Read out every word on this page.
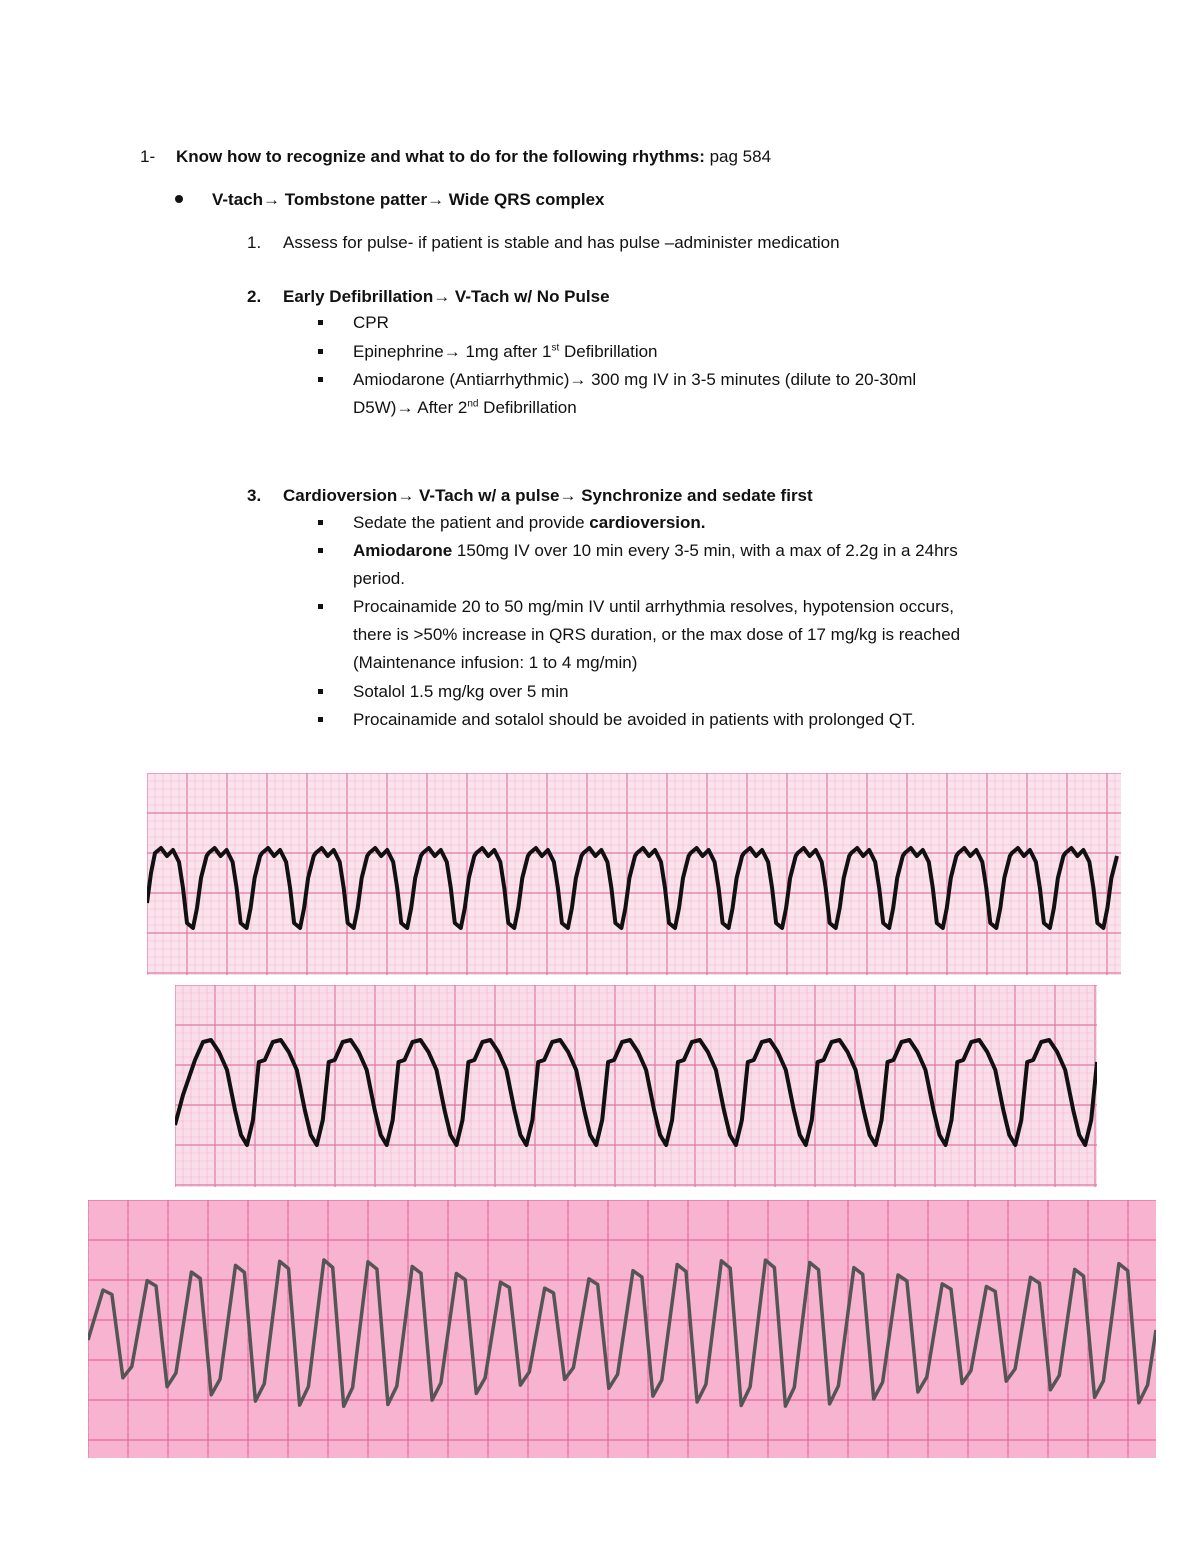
1- Know how to recognize and what to do for the following rhythms: pag 584
V-tach→ Tombstone patter→ Wide QRS complex
1. Assess for pulse- if patient is stable and has pulse –administer medication
2. Early Defibrillation→ V-Tach w/ No Pulse
CPR
Epinephrine→ 1mg after 1st Defibrillation
Amiodarone (Antiarrhythmic)→ 300 mg IV in 3-5 minutes (dilute to 20-30ml
D5W)→ After 2nd Defibrillation
3. Cardioversion→ V-Tach w/ a pulse→ Synchronize and sedate first
Sedate the patient and provide cardioversion.
Amiodarone 150mg IV over 10 min every 3-5 min, with a max of 2.2g in a 24hrs
period.
Procainamide 20 to 50 mg/min IV until arrhythmia resolves, hypotension occurs,
there is >50% increase in QRS duration, or the max dose of 17 mg/kg is reached
(Maintenance infusion: 1 to 4 mg/min)
Sotalol 1.5 mg/kg over 5 min
Procainamide and sotalol should be avoided in patients with prolonged QT.
